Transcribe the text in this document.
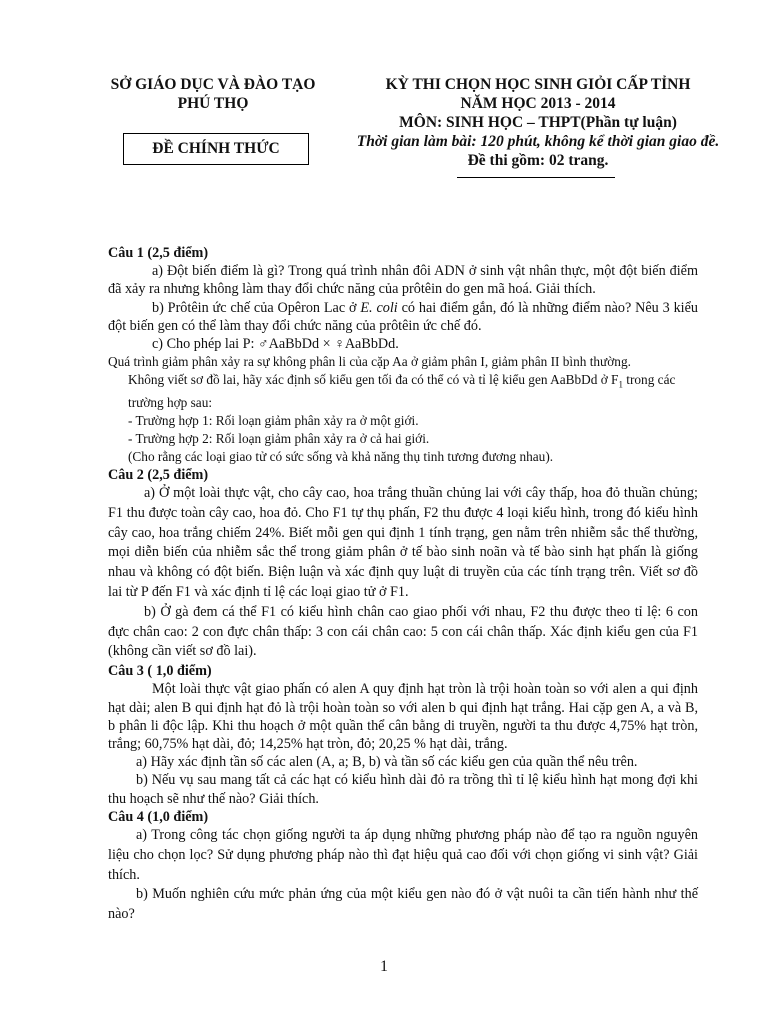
SỞ GIÁO DỤC VÀ ĐÀO TẠO
PHÚ THỌ
ĐỀ CHÍNH THỨC
KỲ THI CHỌN HỌC SINH GIỎI CẤP TỈNH
NĂM HỌC 2013 - 2014
MÔN: SINH HỌC – THPT(Phần tự luận)
Thời gian làm bài: 120 phút, không kể thời gian giao đề.
Đề thi gồm: 02 trang.

Câu 1 (2,5 điểm)

a) Đột biến điểm là gì? Trong quá trình nhân đôi ADN ở sinh vật nhân thực, một đột biến điểm đã xảy ra nhưng không làm thay đổi chức năng của prôtêin do gen mã hoá. Giải thích.

b) Prôtêin ức chế của Opêron Lac ở E. coli có hai điểm gắn, đó là những điểm nào? Nêu 3 kiểu đột biến gen có thể làm thay đổi chức năng của prôtêin ức chế đó.

c) Cho phép lai P: ♂AaBbDd × ♀AaBbDd.

Quá trình giảm phân xảy ra sự không phân li của cặp Aa ở giảm phân I, giảm phân II bình thường.

Không viết sơ đồ lai, hãy xác định số kiểu gen tối đa có thể có và tỉ lệ kiểu gen AaBbDd ở $F_1$ trong các trường hợp sau:

- Trường hợp 1: Rối loạn giảm phân xảy ra ở một giới.

- Trường hợp 2: Rối loạn giảm phân xảy ra ở cả hai giới.

(Cho rằng các loại giao tử có sức sống và khả năng thụ tinh tương đương nhau).

Câu 2 (2,5 điểm)

a) Ở một loài thực vật, cho cây cao, hoa trắng thuần chủng lai với cây thấp, hoa đỏ thuần chủng; F1 thu được toàn cây cao, hoa đỏ. Cho F1 tự thụ phấn, F2 thu được 4 loại kiểu hình, trong đó kiểu hình cây cao, hoa trắng chiếm 24%. Biết mỗi gen qui định 1 tính trạng, gen nằm trên nhiễm sắc thể thường, mọi diễn biến của nhiễm sắc thể trong giảm phân ở tế bào sinh noãn và tế bào sinh hạt phấn là giống nhau và không có đột biến. Biện luận và xác định quy luật di truyền của các tính trạng trên. Viết sơ đồ lai từ P đến F1 và xác định tỉ lệ các loại giao tử ở F1.

b) Ở gà đem cá thể F1 có kiểu hình chân cao giao phối với nhau, F2 thu được theo tỉ lệ: 6 con đực chân cao: 2 con đực chân thấp: 3 con cái chân cao: 5 con cái chân thấp. Xác định kiểu gen của F1 (không cần viết sơ đồ lai).

Câu 3 ( 1,0 điểm)

Một loài thực vật giao phấn có alen A quy định hạt tròn là trội hoàn toàn so với alen a qui định hạt dài; alen B qui định hạt đỏ là trội hoàn toàn so với alen b qui định hạt trắng. Hai cặp gen A, a và B, b phân li độc lập. Khi thu hoạch ở một quần thể cân bằng di truyền, người ta thu được 4,75% hạt tròn, trắng; 60,75% hạt dài, đỏ; 14,25% hạt tròn, đỏ; 20,25 % hạt dài, trắng.

a) Hãy xác định tần số các alen (A, a; B, b) và tần số các kiểu gen của quần thể nêu trên.

b) Nếu vụ sau mang tất cả các hạt có kiểu hình dài đỏ ra trồng thì tỉ lệ kiểu hình hạt mong đợi khi thu hoạch sẽ như thế nào? Giải thích.

Câu 4 (1,0 điểm)

a) Trong công tác chọn giống người ta áp dụng những phương pháp nào để tạo ra nguồn nguyên liệu cho chọn lọc? Sử dụng phương pháp nào thì đạt hiệu quả cao đối với chọn giống vi sinh vật? Giải thích.

b) Muốn nghiên cứu mức phản ứng của một kiểu gen nào đó ở vật nuôi ta cần tiến hành như thế nào?

1
